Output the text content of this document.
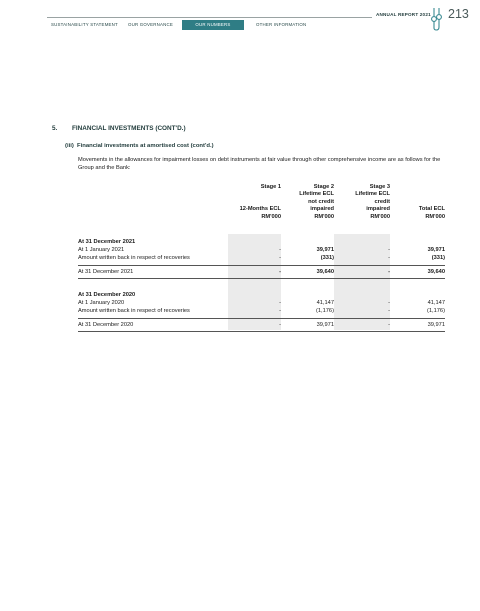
ANNUAL REPORT 2021 213
SUSTAINABILITY STATEMENT OUR GOVERNANCE	OUR NUMBERS	OTHER INFORMATION
5. FINANCIAL INVESTMENTS (CONT'D.)
(iii) Financial investments at amortised cost (cont'd.)
Movements in the allowances for impairment losses on debt instruments at fair value through other comprehensive income are as follows for the Group and the Bank:
Stage 1
12-Months ECL
RM'000
Stage 2
Lifetime ECL
not credit
impaired
RM'000
Stage 3
Lifetime ECL
credit
impaired
RM'000
Total ECL
RM'000
At 31 December 2021
At 1 January 2021	-	39,971	-	39,971
Amount written back in respect of recoveries	-	(331)	-	(331)
At 31 December 2021	-	39,640	-	39,640
At 31 December 2020
At 1 January 2020	-	41,147	-	41,147
Amount written back in respect of recoveries	-	(1,176)	-	(1,176)
At 31 December 2020	-	39,971	-	39,971
